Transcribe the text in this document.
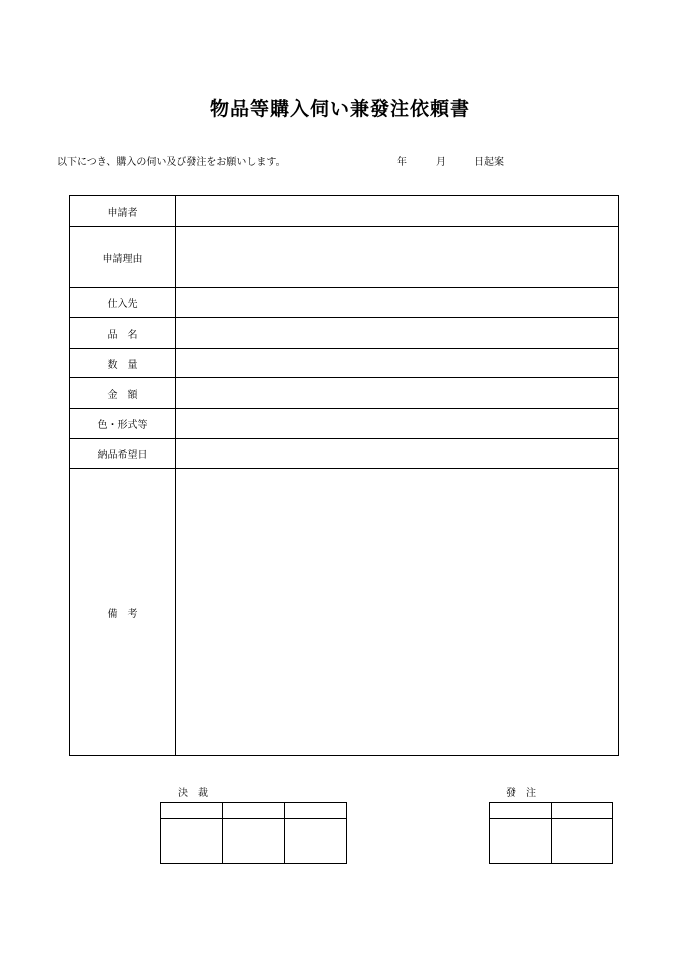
物品等購入伺い兼發注依頼書
以下につき、購入の伺い及び發注をお願いします。	年	月	日起案
申請者	
申請理由	
仕入先	
品　名	
数　量	
金　額	
色・形式等	
納品希望日	
備　考	
決　裁

			發　注
